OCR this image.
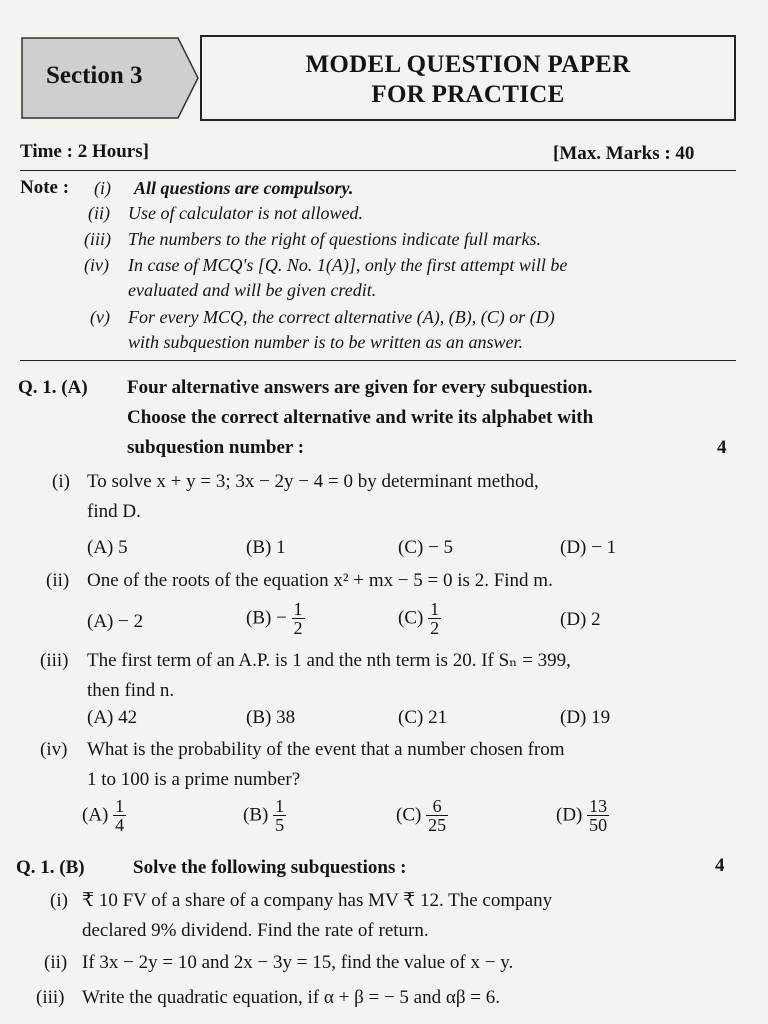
Section 3	MODEL QUESTION PAPER
FOR PRACTICE
Time : 2 Hours]	[Max. Marks : 40
Note :	(i) All questions are compulsory.
(ii) Use of calculator is not allowed.
(iii) The numbers to the right of questions indicate full marks.
(iv) In case of MCQ's [Q. No. 1(A)], only the first attempt will be
evaluated and will be given credit.
(v) For every MCQ, the correct alternative (A), (B), (C) or (D)
with subquestion number is to be written as an answer.
Q. 1. (A) Four alternative answers are given for every subquestion.
Choose the correct alternative and write its alphabet with
subquestion number :	4
(i) To solve x + y = 3; 3x − 2y − 4 = 0 by determinant method,
find D.
(A) 5	(B) 1	(C) − 5	(D) − 1
(ii) One of the roots of the equation x² + mx − 5 = 0 is 2. Find m.
(A) − 2	$(B) - \frac{1}{2}$	$(C) \frac{1}{2}$	(D) 2
(iii) The first term of an A.P. is 1 and the nth term is 20. If Sₙ = 399,
then find n.
(A) 42	(B) 38	(C) 21	(D) 19
(iv) What is the probability of the event that a number chosen from
1 to 100 is a prime number?
$(A) \frac{1}{4}$	$(B) \frac{1}{5}$	$(C) \frac{6}{25}$	$(D) \frac{13}{50}$
Q. 1. (B)	Solve the following subquestions :	4
(i) ₹ 10 FV of a share of a company has MV ₹ 12. The company
declared 9% dividend. Find the rate of return.
(ii) If 3x − 2y = 10 and 2x − 3y = 15, find the value of x − y.
(iii) Write the quadratic equation, if α + β = − 5 and αβ = 6.
